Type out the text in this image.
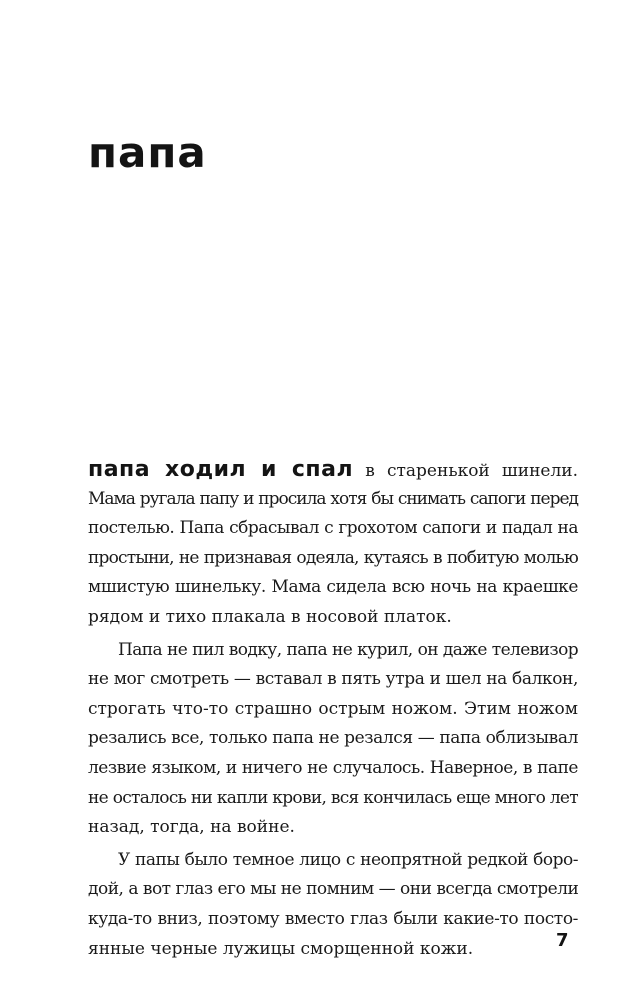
папа
папа ходил и спал в старенькой шинели.
Мама ругала папу и просила хотя бы снимать сапоги перед
постелью. Папа сбрасывал с грохотом сапоги и падал на
простыни, не признавая одеяла, кутаясь в побитую молью
мшистую шинельку. Мама сидела всю ночь на краешке
рядом и тихо плакала в носовой платок.
Папа не пил водку, папа не курил, он даже телевизор
не мог смотреть — вставал в пять утра и шел на балкон,
строгать что-то страшно острым ножом. Этим ножом
резались все, только папа не резался — папа облизывал
лезвие языком, и ничего не случалось. Наверное, в папе
не осталось ни капли крови, вся кончилась еще много лет
назад, тогда, на войне.
У папы было темное лицо с неопрятной редкой боро-
дой, а вот глаз его мы не помним — они всегда смотрели
куда-то вниз, поэтому вместо глаз были какие-то посто-
янные черные лужицы сморщенной кожи.	7
